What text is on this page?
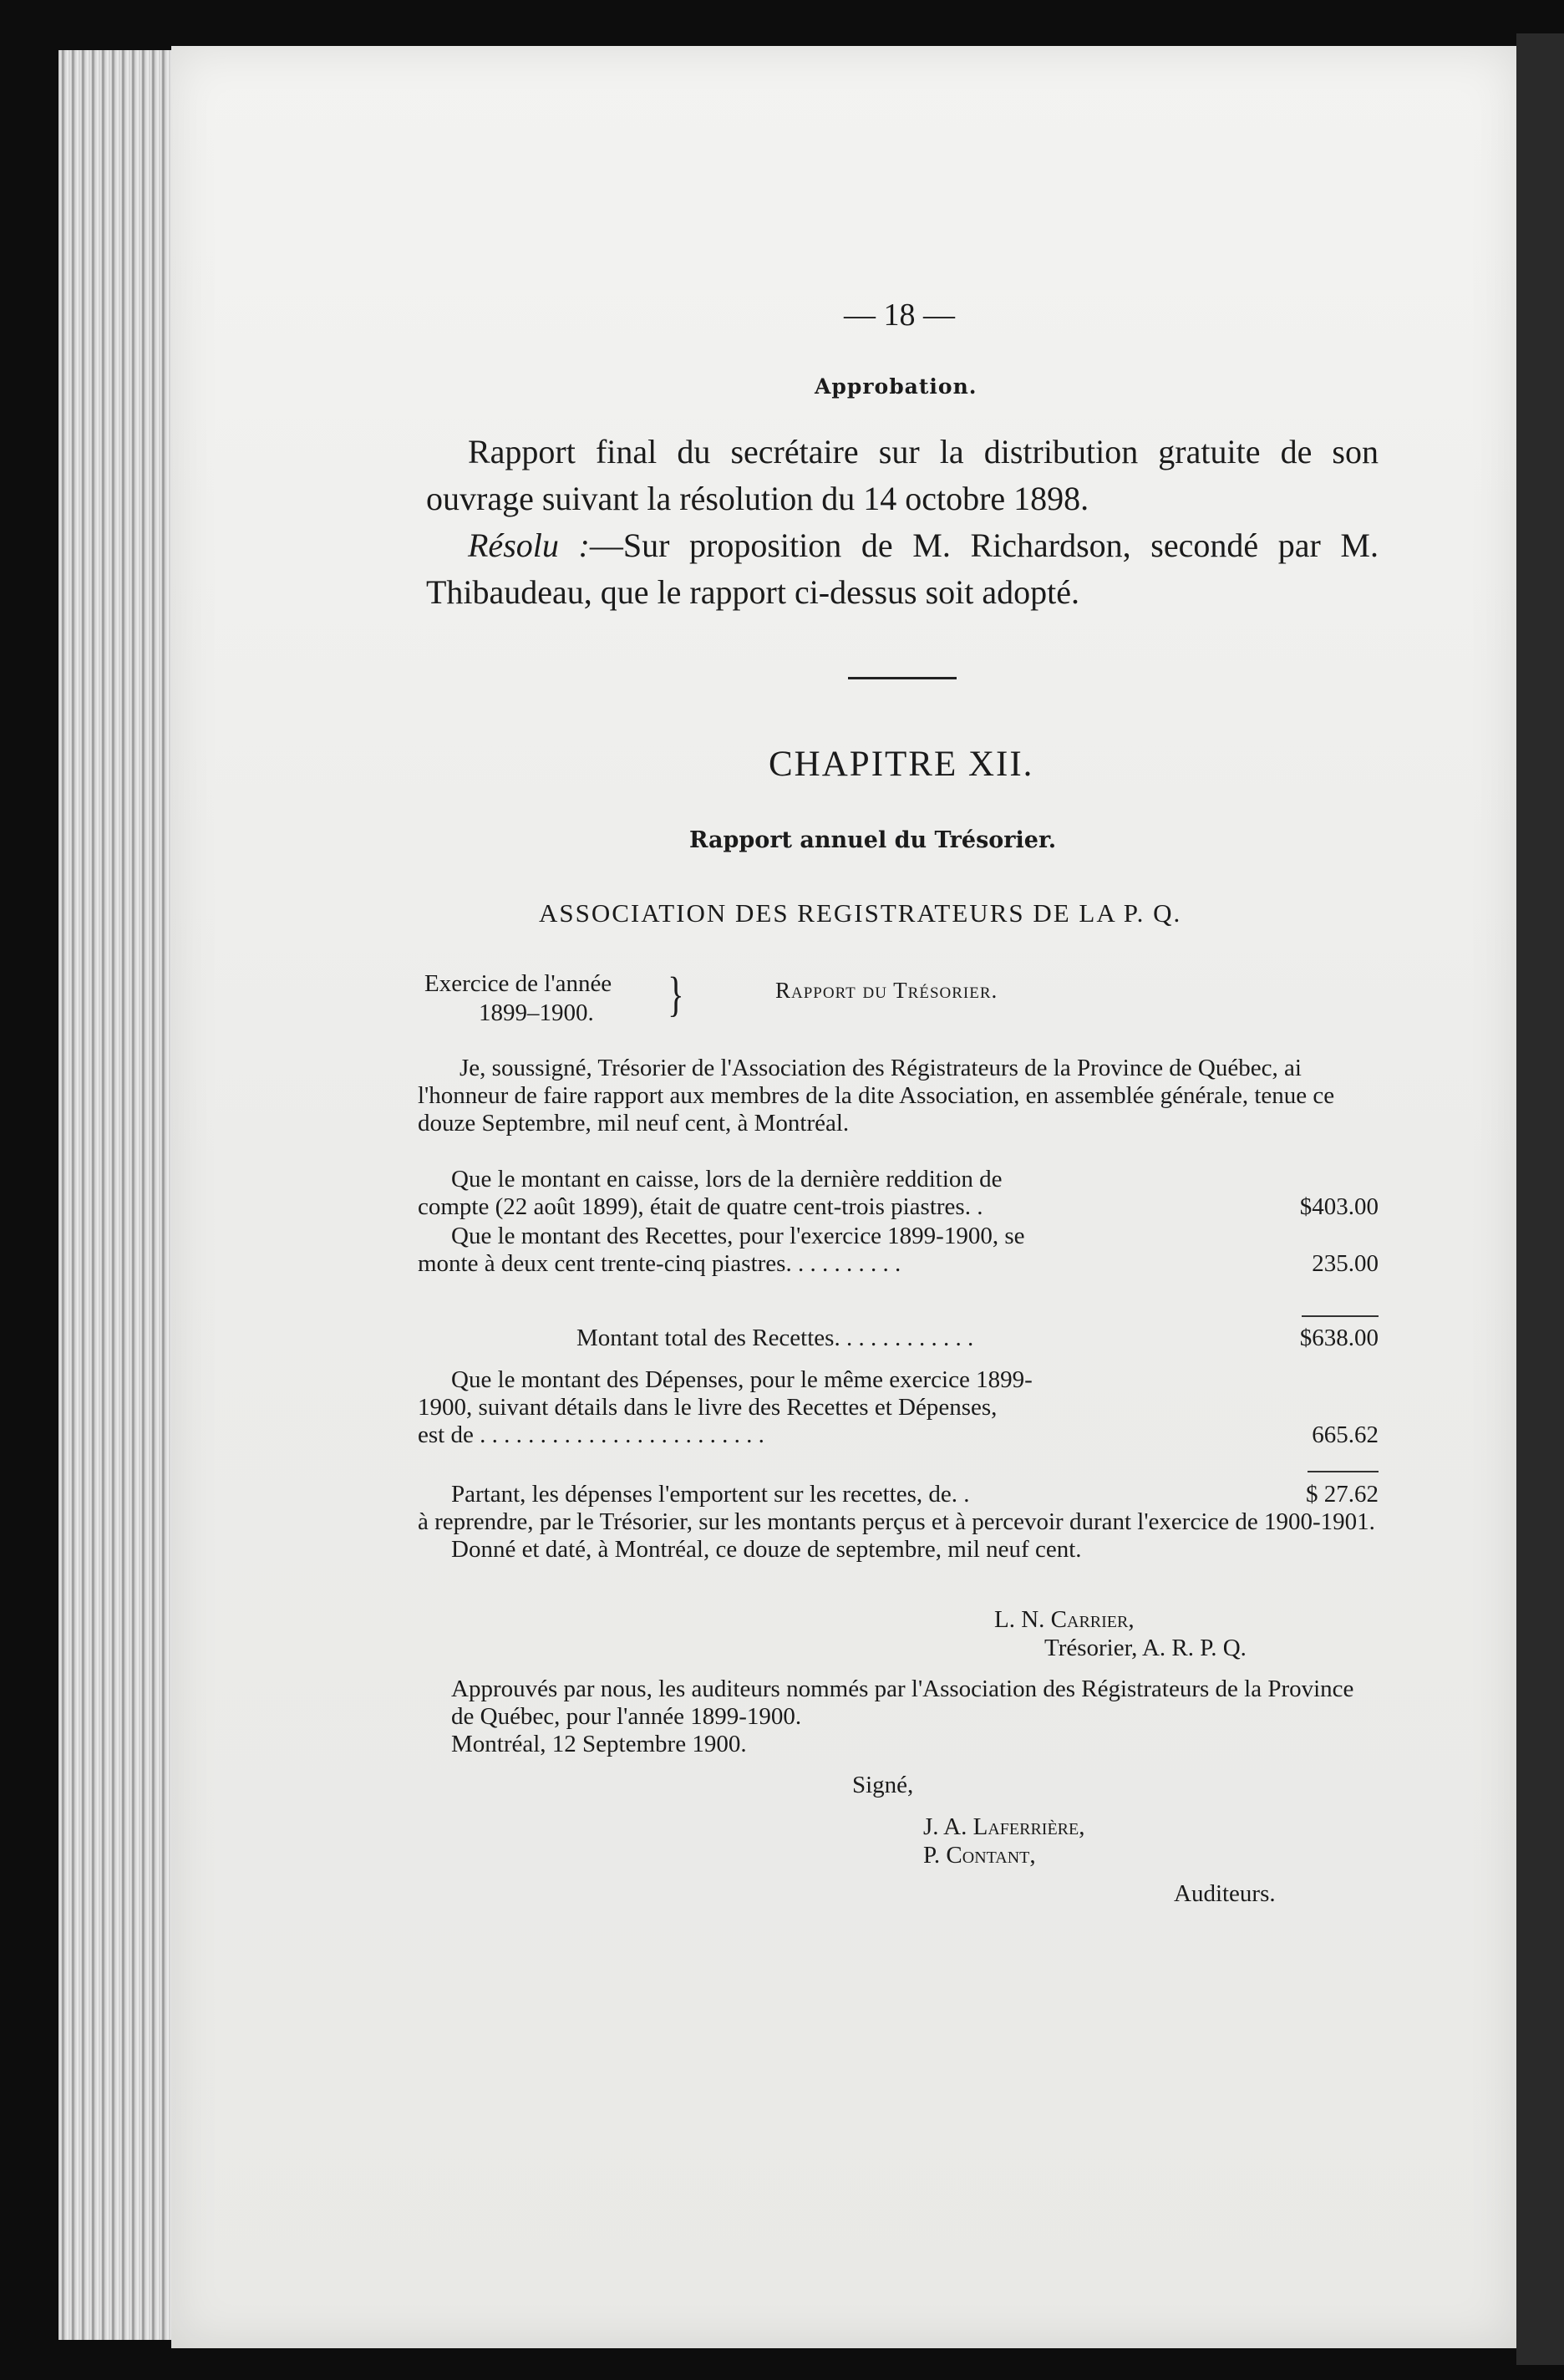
— 18 —
Approbation.

Rapport final du secrétaire sur la distribution gratuite de son ouvrage suivant la résolution du 14 octobre 1898.

Résolu :—Sur proposition de M. Richardson, secondé par M. Thibaudeau, que le rapport ci-dessus soit adopté.

CHAPITRE XII.
Rapport annuel du Trésorier.
ASSOCIATION DES REGISTRATEURS DE LA P. Q.
Exercice de l'année
1899–1900.	}	Rapport du Trésorier.

Je, soussigné, Trésorier de l'Association des Régistrateurs de la Province de Québec, ai l'honneur de faire rapport aux membres de la dite Association, en assemblée générale, tenue ce douze Septembre, mil neuf cent, à Montréal.

Que le montant en caisse, lors de la dernière reddition de
compte (22 août 1899), était de quatre cent-trois piastres. .	$403.00
Que le montant des Recettes, pour l'exercice 1899-1900, se
monte à deux cent trente-cinq piastres. . . . . . . . . .	235.00
Montant total des Recettes. . . . . . . . . . . .	$638.00
Que le montant des Dépenses, pour le même exercice 1899-
1900, suivant détails dans le livre des Recettes et Dépenses,
est de . . . . . . . . . . . . . . . . . . . . . . . .	665.62
Partant, les dépenses l'emportent sur les recettes, de. .	$ 27.62

à reprendre, par le Trésorier, sur les montants perçus et à percevoir durant l'exercice de 1900-1901.

Donné et daté, à Montréal, ce douze de septembre, mil neuf cent.

L. N. Carrier,
Trésorier, A. R. P. Q.

Approuvés par nous, les auditeurs nommés par l'Association des Régistrateurs de la Province de Québec, pour l'année 1899-1900.

Montréal, 12 Septembre 1900.

Signé,
J. A. Laferrière,
P. Contant,
Auditeurs.
